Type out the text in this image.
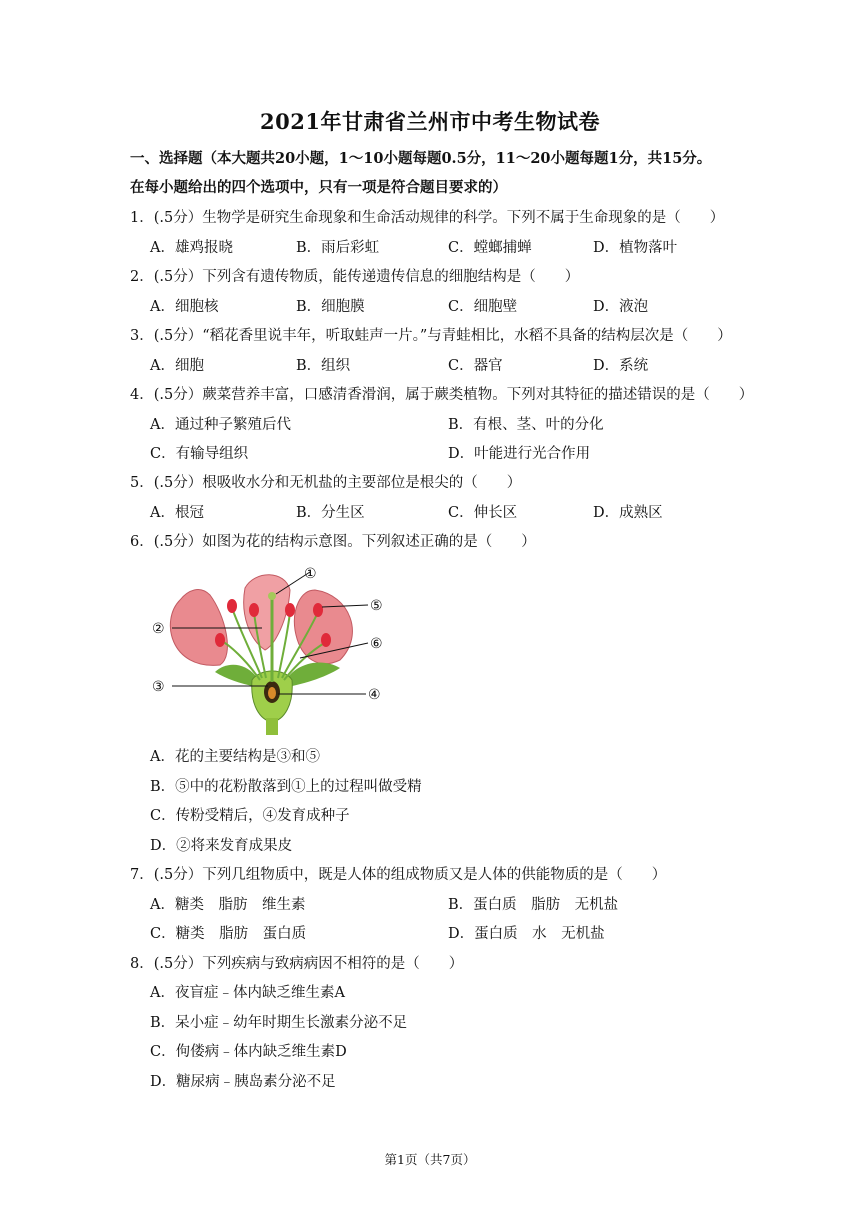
2021年甘肃省兰州市中考生物试卷
一、选择题（本大题共20小题，1～10小题每题0.5分，11～20小题每题1分，共15分。
在每小题给出的四个选项中，只有一项是符合题目要求的）
1．(.5分）生物学是研究生命现象和生命活动规律的科学。下列不属于生命现象的是（　　）
A．雄鸡报晓	B．雨后彩虹	C．螳螂捕蝉	D．植物落叶
2．(.5分）下列含有遗传物质，能传递遗传信息的细胞结构是（　　）
A．细胞核	B．细胞膜	C．细胞壁	D．液泡
3．(.5分）“稻花香里说丰年，听取蛙声一片。”与青蛙相比，水稻不具备的结构层次是（　　）
A．细胞	B．组织	C．器官	D．系统
4．(.5分）蕨菜营养丰富，口感清香滑润，属于蕨类植物。下列对其特征的描述错误的是（　　）
A．通过种子繁殖后代	B．有根、茎、叶的分化
C．有输导组织	D．叶能进行光合作用
5．(.5分）根吸收水分和无机盐的主要部位是根尖的（　　）
A．根冠	B．分生区	C．伸长区	D．成熟区
6．(.5分）如图为花的结构示意图。下列叙述正确的是（　　）
①
②
③	④
⑤
⑥
A．花的主要结构是③和⑤
B．⑤中的花粉散落到①上的过程叫做受精
C．传粉受精后，④发育成种子
D．②将来发育成果皮
7．(.5分）下列几组物质中，既是人体的组成物质又是人体的供能物质的是（　　）
A．糖类　脂肪　维生素	B．蛋白质　脂肪　无机盐
C．糖类　脂肪　蛋白质	D．蛋白质　水　无机盐
8．(.5分）下列疾病与致病病因不相符的是（　　）
A．夜盲症﹣体内缺乏维生素A
B．呆小症﹣幼年时期生长激素分泌不足
C．佝偻病﹣体内缺乏维生素D
D．糖尿病﹣胰岛素分泌不足
第1页（共7页）
